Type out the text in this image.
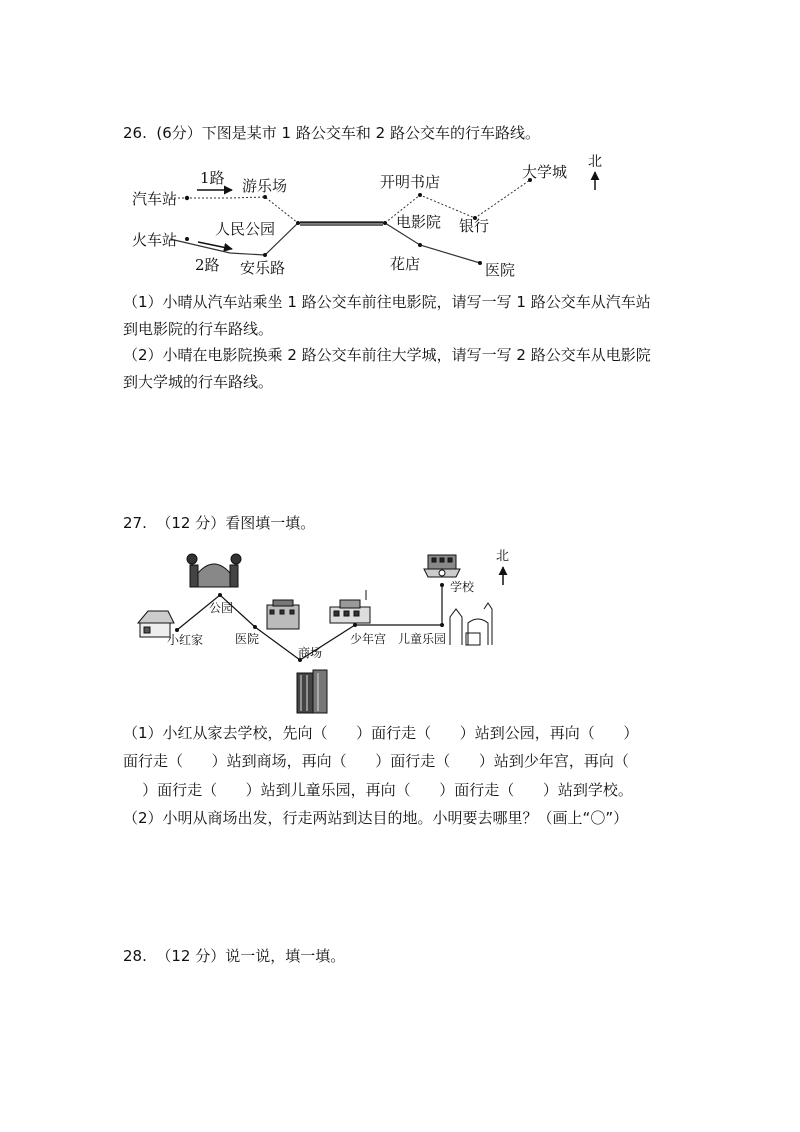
26.  (6分）下图是某市 1 路公交车和 2 路公交车的行车路线。
1路
2路
汽车站
火车站
游乐场
人民公园
安乐路
开明书店
电影院 银行
大学城
花店	医院
北
（1）小晴从汽车站乘坐 1 路公交车前往电影院，请写一写 1 路公交车从汽车站
到电影院的行车路线。
（2）小晴在电影院换乘 2 路公交车前往大学城，请写一写 2 路公交车从电影院
到大学城的行车路线。
27.  （12 分）看图填一填。
小红家
公园
医院
商场
少年宫 儿童乐园
学校
北
（1）小红从家去学校，先向（      ）面行走（      ）站到公园，再向（      ）
面行走（      ）站到商场，再向（      ）面行走（      ）站到少年宫，再向（
）面行走（      ）站到儿童乐园，再向（      ）面行走（      ）站到学校。
（2）小明从商场出发，行走两站到达目的地。小明要去哪里？（画上“〇”）
28.  （12 分）说一说，填一填。
